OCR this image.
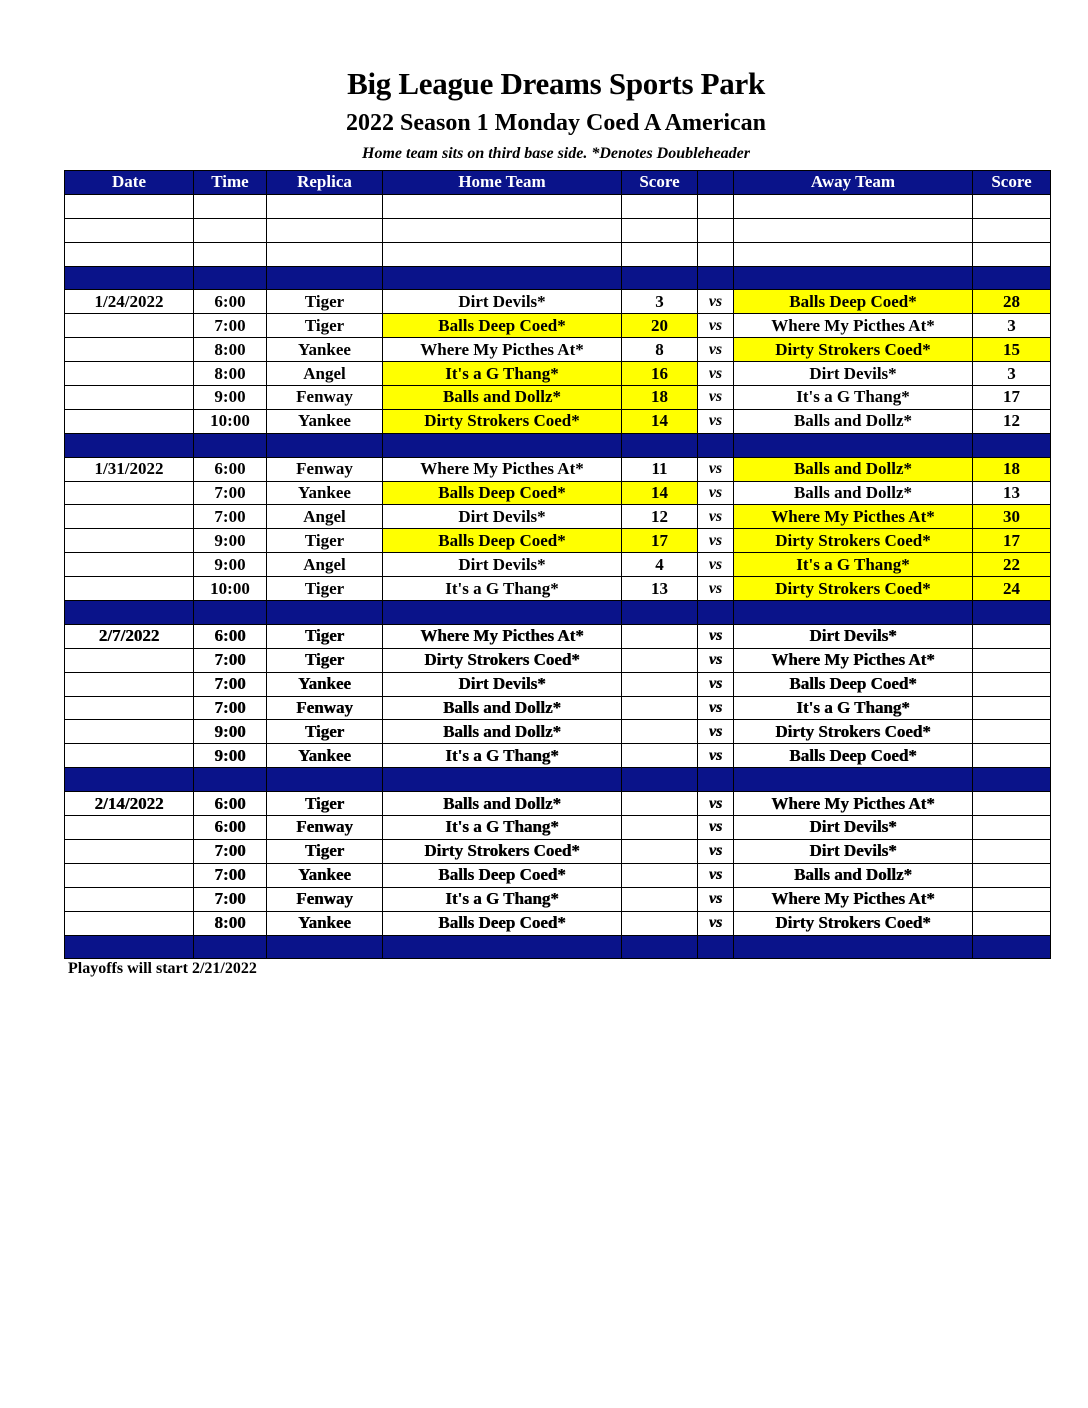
Big League Dreams Sports Park
2022 Season 1 Monday Coed A American
Home team sits on third base side. *Denotes Doubleheader
Date	Time	Replica	Home Team	Score		Away Team	Score

1/24/2022	6:00	Tiger	Dirt Devils*	3	vs	Balls Deep Coed*	28
	7:00	Tiger	Balls Deep Coed*	20	vs	Where My Picthes At*	3
	8:00	Yankee	Where My Picthes At*	8	vs	Dirty Strokers Coed*	15
	8:00	Angel	It's a G Thang*	16	vs	Dirt Devils*	3
	9:00	Fenway	Balls and Dollz*	18	vs	It's a G Thang*	17
	10:00	Yankee	Dirty Strokers Coed*	14	vs	Balls and Dollz*	12

1/31/2022	6:00	Fenway	Where My Picthes At*	11	vs	Balls and Dollz*	18
	7:00	Yankee	Balls Deep Coed*	14	vs	Balls and Dollz*	13
	7:00	Angel	Dirt Devils*	12	vs	Where My Picthes At*	30
	9:00	Tiger	Balls Deep Coed*	17	vs	Dirty Strokers Coed*	17
	9:00	Angel	Dirt Devils*	4	vs	It's a G Thang*	22
	10:00	Tiger	It's a G Thang*	13	vs	Dirty Strokers Coed*	24

2/7/2022	6:00	Tiger	Where My Picthes At*		vs	Dirt Devils*	
	7:00	Tiger	Dirty Strokers Coed*		vs	Where My Picthes At*	
	7:00	Yankee	Dirt Devils*		vs	Balls Deep Coed*	
	7:00	Fenway	Balls and Dollz*		vs	It's a G Thang*	
	9:00	Tiger	Balls and Dollz*		vs	Dirty Strokers Coed*	
	9:00	Yankee	It's a G Thang*		vs	Balls Deep Coed*	

2/14/2022	6:00	Tiger	Balls and Dollz*		vs	Where My Picthes At*	
	6:00	Fenway	It's a G Thang*		vs	Dirt Devils*	
	7:00	Tiger	Dirty Strokers Coed*		vs	Dirt Devils*	
	7:00	Yankee	Balls Deep Coed*		vs	Balls and Dollz*	
	7:00	Fenway	It's a G Thang*		vs	Where My Picthes At*	
	8:00	Yankee	Balls Deep Coed*		vs	Dirty Strokers Coed*	

Playoffs will start 2/21/2022
